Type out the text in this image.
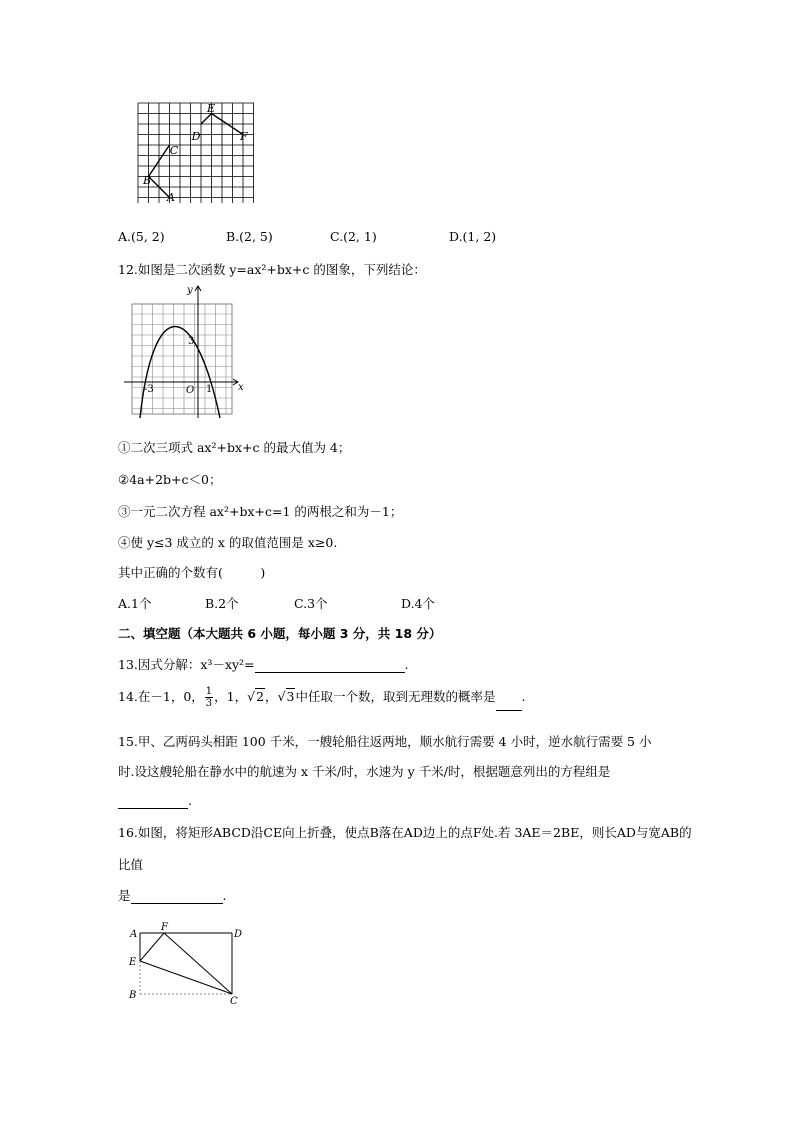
E
D	F
C
B
A
A.(5, 2)	B.(2, 5)	C.(2, 1)	D.(1, 2)
12.如图是二次函数 y=ax²+bx+c 的图象，下列结论：
y
x
3
O
-3	1
①二次三项式 ax²+bx+c 的最大值为 4；
②4a+2b+c＜0；
③一元二次方程 ax²+bx+c=1 的两根之和为－1；
④使 y≤3 成立的 x 的取值范围是 x≥0.
其中正确的个数有(　　　)
A.1个	B.2个	C.3个	D.4个
二、填空题（本大题共 6 小题，每小题 3 分，共 18 分）
13.因式分解：x³－xy²=	.
14.在－1，0， $\frac{1}{3}$ ，1，√2，√3中任取一个数，取到无理数的概率是 .
15.甲、乙两码头相距 100 千米，一艘轮船往返两地，顺水航行需要 4 小时，逆水航行需要 5 小
时.设这艘轮船在静水中的航速为 x 千米/时，水速为 y 千米/时，根据题意列出的方程组是
.
16.如图，将矩形ABCD沿CE向上折叠，使点B落在AD边上的点F处.若 3AE＝2BE，则长AD与宽AB的
比值
是	.
A
F
D
E
B
C
